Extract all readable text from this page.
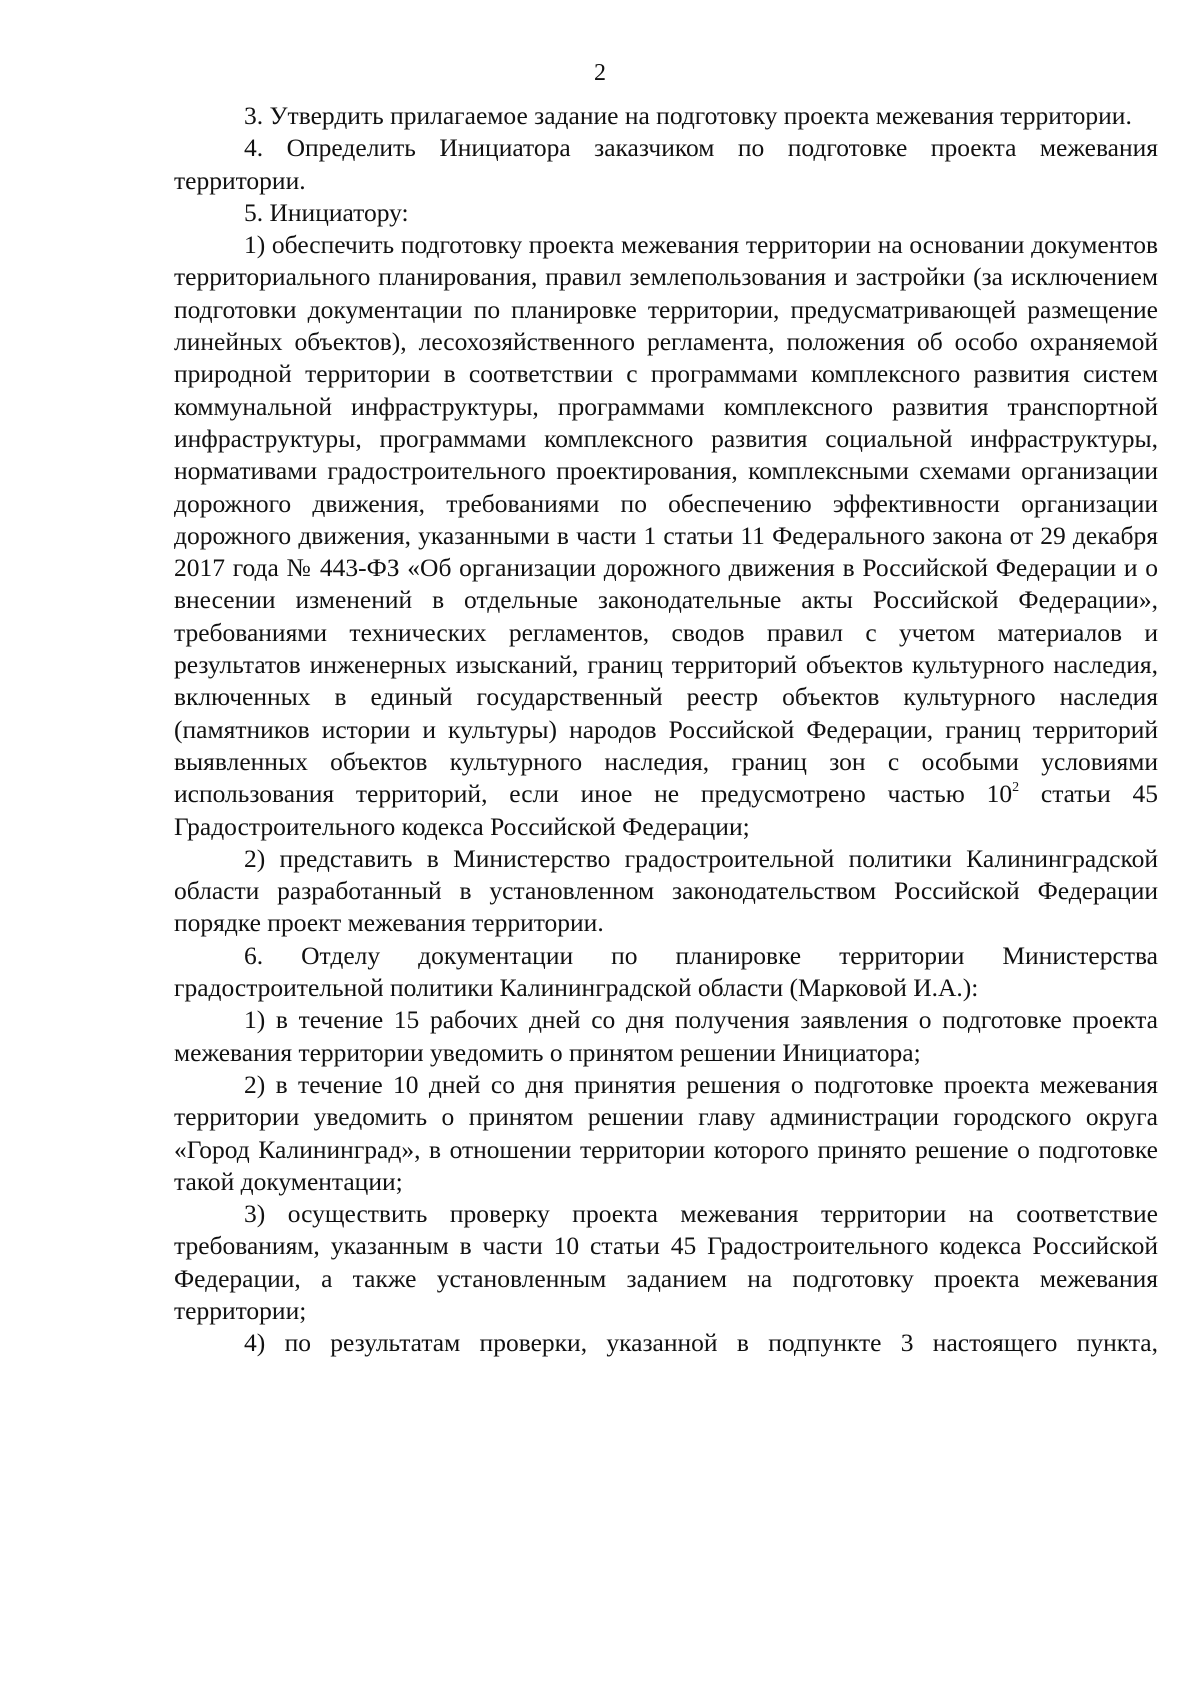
2

3. Утвердить прилагаемое задание на подготовку проекта межевания территории.

4. Определить Инициатора заказчиком по подготовке проекта межевания территории.

5. Инициатору:

1) обеспечить подготовку проекта межевания территории на основании документов территориального планирования, правил землепользования и застройки (за исключением подготовки документации по планировке территории, предусматривающей размещение линейных объектов), лесохозяйственного регламента, положения об особо охраняемой природной территории в соответствии с программами комплексного развития систем коммунальной инфраструктуры, программами комплексного развития транспортной инфраструктуры, программами комплексного развития социальной инфраструктуры, нормативами градостроительного проектирования, комплексными схемами организации дорожного движения, требованиями по обеспечению эффективности организации дорожного движения, указанными в части 1 статьи 11 Федерального закона от 29 декабря 2017 года № 443-ФЗ «Об организации дорожного движения в Российской Федерации и о внесении изменений в отдельные законодательные акты Российской Федерации», требованиями технических регламентов, сводов правил с учетом материалов и результатов инженерных изысканий, границ территорий объектов культурного наследия, включенных в единый государственный реестр объектов культурного наследия (памятников истории и культуры) народов Российской Федерации, границ территорий выявленных объектов культурного наследия, границ зон с особыми условиями использования территорий, если иное не предусмотрено частью $10^2$ статьи 45 Градостроительного кодекса Российской Федерации;

2) представить в Министерство градостроительной политики Калининградской области разработанный в установленном законодательством Российской Федерации порядке проект межевания территории.

6. Отделу документации по планировке территории Министерства градостроительной политики Калининградской области (Марковой И.А.):

1) в течение 15 рабочих дней со дня получения заявления о подготовке проекта межевания территории уведомить о принятом решении Инициатора;

2) в течение 10 дней со дня принятия решения о подготовке проекта межевания территории уведомить о принятом решении главу администрации городского округа «Город Калининград», в отношении территории которого принято решение о подготовке такой документации;

3) осуществить проверку проекта межевания территории на соответствие требованиям, указанным в части 10 статьи 45 Градостроительного кодекса Российской Федерации, а также установленным заданием на подготовку проекта межевания территории;

4) по результатам проверки, указанной в подпункте 3 настоящего пункта,
